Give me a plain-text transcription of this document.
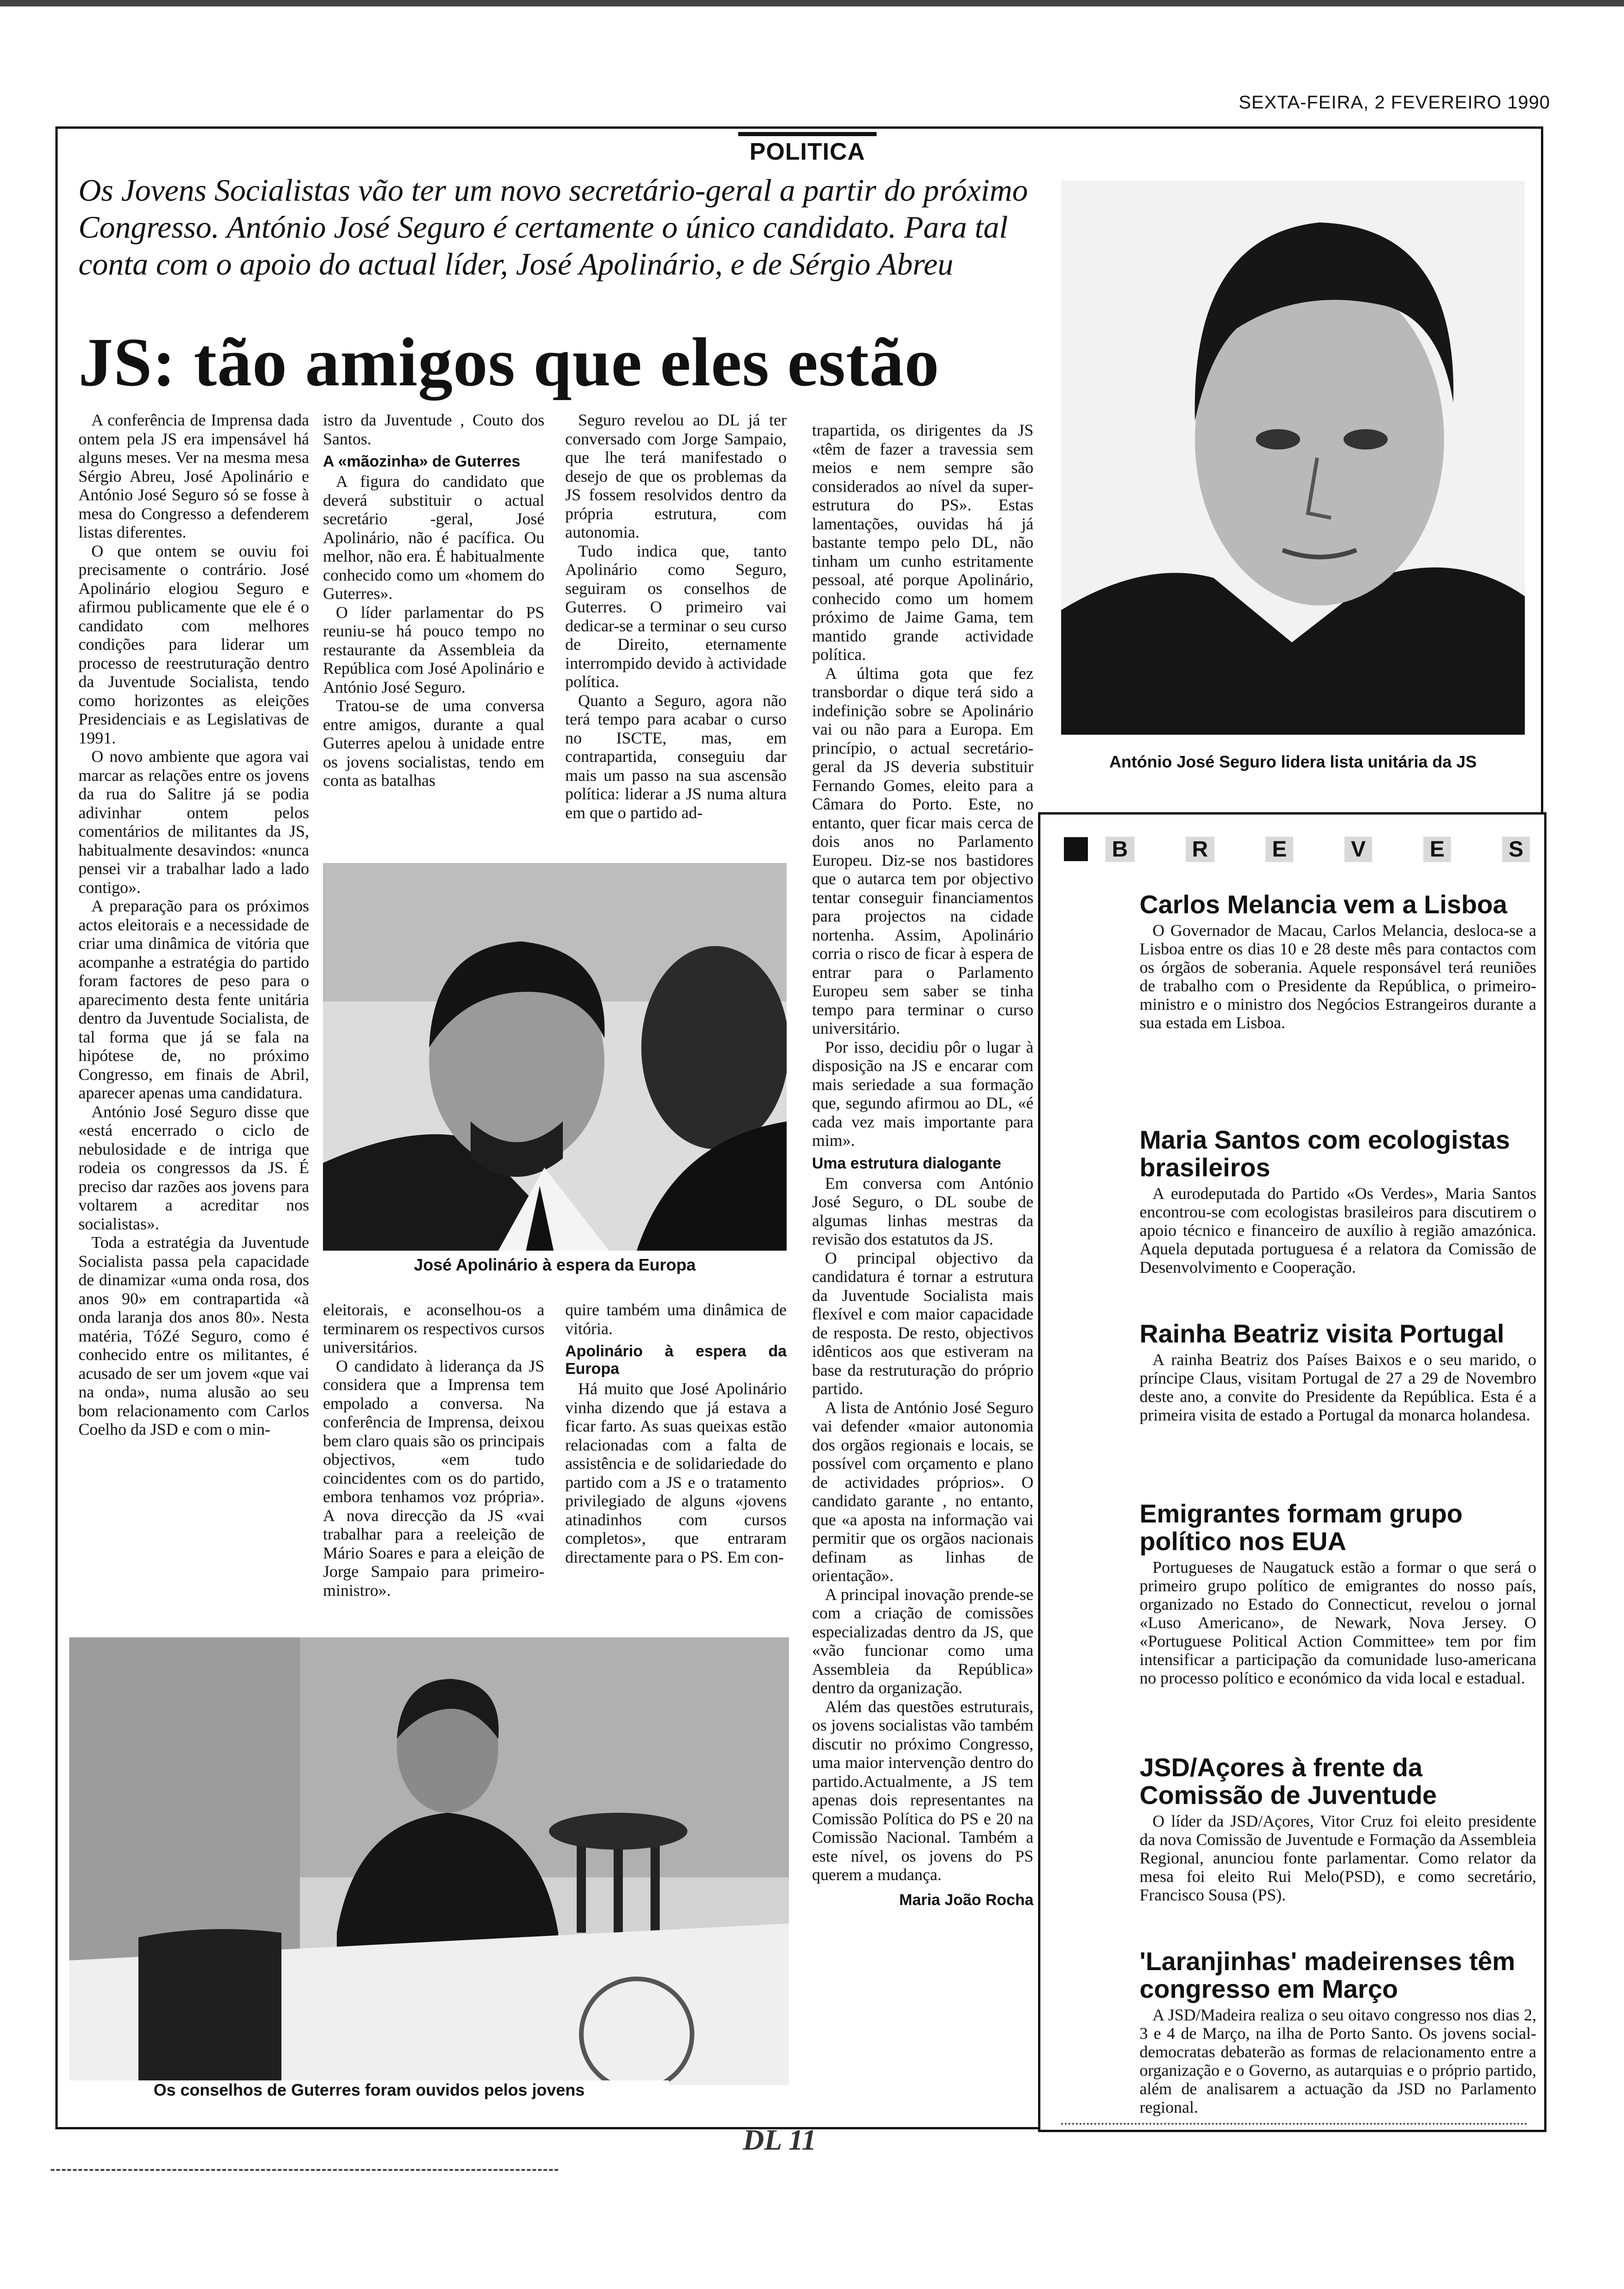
SEXTA-FEIRA, 2 FEVEREIRO 1990
POLITICA
Os Jovens Socialistas vão ter um novo secretário-geral a partir do próximo Congresso. António José Seguro é certamente o único candidato. Para tal conta com o apoio do actual líder, José Apolinário, e de Sérgio Abreu
JS: tão amigos que eles estão
António José Seguro lidera lista unitária da JS

A conferência de Imprensa dada ontem pela JS era impensável há alguns meses. Ver na mesma mesa Sérgio Abreu, José Apolinário e António José Seguro só se fosse à mesa do Congresso a defenderem listas diferentes.

O que ontem se ouviu foi precisamente o contrário. José Apolinário elogiou Seguro e afirmou publicamente que ele é o candidato com melhores condições para liderar um processo de reestruturação dentro da Juventude Socialista, tendo como horizontes as eleições Presidenciais e as Legislativas de 1991.

O novo ambiente que agora vai marcar as relações entre os jovens da rua do Salitre já se podia adivinhar ontem pelos comentários de militantes da JS, habitualmente desavindos: «nunca pensei vir a trabalhar lado a lado contigo».

A preparação para os próximos actos eleitorais e a necessidade de criar uma dinâmica de vitória que acompanhe a estratégia do partido foram factores de peso para o aparecimento desta fente unitária dentro da Juventude Socialista, de tal forma que já se fala na hipótese de, no próximo Congresso, em finais de Abril, aparecer apenas uma candidatura.

António José Seguro disse que «está encerrado o ciclo de nebulosidade e de intriga que rodeia os congressos da JS. É preciso dar razões aos jovens para voltarem a acreditar nos socialistas».

Toda a estratégia da Juventude Socialista passa pela capacidade de dinamizar «uma onda rosa, dos anos 90» em contrapartida «à onda laranja dos anos 80». Nesta matéria, TóZé Seguro, como é conhecido entre os militantes, é acusado de ser um jovem «que vai na onda», numa alusão ao seu bom relacionamento com Carlos Coelho da JSD e com o min-

istro da Juventude , Couto dos Santos.

A «mãozinha» de Guterres

A figura do candidato que deverá substituir o actual secretário -geral, José Apolinário, não é pacífica. Ou melhor, não era. É habitualmente conhecido como um «homem do Guterres».

O líder parlamentar do PS reuniu-se há pouco tempo no restaurante da Assembleia da República com José Apolinário e António José Seguro.

Tratou-se de uma conversa entre amigos, durante a qual Guterres apelou à unidade entre os jovens socialistas, tendo em conta as batalhas

Seguro revelou ao DL já ter conversado com Jorge Sampaio, que lhe terá manifestado o desejo de que os problemas da JS fossem resolvidos dentro da própria estrutura, com autonomia.

Tudo indica que, tanto Apolinário como Seguro, seguiram os conselhos de Guterres. O primeiro vai dedicar-se a terminar o seu curso de Direito, eternamente interrompido devido à actividade política.

Quanto a Seguro, agora não terá tempo para acabar o curso no ISCTE, mas, em contrapartida, conseguiu dar mais um passo na sua ascensão política: liderar a JS numa altura em que o partido ad-

José Apolinário à espera da Europa

eleitorais, e aconselhou-os a terminarem os respectivos cursos universitários.

O candidato à liderança da JS considera que a Imprensa tem empolado a conversa. Na conferência de Imprensa, deixou bem claro quais são os principais objectivos, «em tudo coincidentes com os do partido, embora tenhamos voz própria». A nova direcção da JS «vai trabalhar para a reeleição de Mário Soares e para a eleição de Jorge Sampaio para primeiro-ministro».

quire também uma dinâmica de vitória.

Apolinário à espera da Europa

Há muito que José Apolinário vinha dizendo que já estava a ficar farto. As suas queixas estão relacionadas com a falta de assistência e de solidariedade do partido com a JS e o tratamento privilegiado de alguns «jovens atinadinhos com cursos completos», que entraram directamente para o PS. Em con-

trapartida, os dirigentes da JS «têm de fazer a travessia sem meios e nem sempre são considerados ao nível da super-estrutura do PS». Estas lamentações, ouvidas há já bastante tempo pelo DL, não tinham um cunho estritamente pessoal, até porque Apolinário, conhecido como um homem próximo de Jaime Gama, tem mantido grande actividade política.

A última gota que fez transbordar o dique terá sido a indefinição sobre se Apolinário vai ou não para a Europa. Em princípio, o actual secretário-geral da JS deveria substituir Fernando Gomes, eleito para a Câmara do Porto. Este, no entanto, quer ficar mais cerca de dois anos no Parlamento Europeu. Diz-se nos bastidores que o autarca tem por objectivo tentar conseguir financiamentos para projectos na cidade nortenha. Assim, Apolinário corria o risco de ficar à espera de entrar para o Parlamento Europeu sem saber se tinha tempo para terminar o curso universitário.

Por isso, decidiu pôr o lugar à disposição na JS e encarar com mais seriedade a sua formação que, segundo afirmou ao DL, «é cada vez mais importante para mim».

Uma estrutura dialogante

Em conversa com António José Seguro, o DL soube de algumas linhas mestras da revisão dos estatutos da JS.

O principal objectivo da candidatura é tornar a estrutura da Juventude Socialista mais flexível e com maior capacidade de resposta. De resto, objectivos idênticos aos que estiveram na base da restruturação do próprio partido.

A lista de António José Seguro vai defender «maior autonomia dos orgãos regionais e locais, se possível com orçamento e plano de actividades próprios». O candidato garante , no entanto, que «a aposta na informação vai permitir que os orgãos nacionais definam as linhas de orientação».

A principal inovação prende-se com a criação de comissões especializadas dentro da JS, que «vão funcionar como uma Assembleia da República» dentro da organização.

Além das questões estruturais, os jovens socialistas vão também discutir no próximo Congresso, uma maior intervenção dentro do partido.Actualmente, a JS tem apenas dois representantes na Comissão Política do PS e 20 na Comissão Nacional. Também a este nível, os jovens do PS querem a mudança.

Maria João Rocha
Os conselhos de Guterres foram ouvidos pelos jovens
B	R	E	V	E	S
Carlos Melancia vem a Lisboa

O Governador de Macau, Carlos Melancia, desloca-se a Lisboa entre os dias 10 e 28 deste mês para contactos com os órgãos de soberania. Aquele responsável terá reuniões de trabalho com o Presidente da República, o primeiro-ministro e o ministro dos Negócios Estrangeiros durante a sua estada em Lisboa.

Maria Santos com ecologistas brasileiros

A eurodeputada do Partido «Os Verdes», Maria Santos encontrou-se com ecologistas brasileiros para discutirem o apoio técnico e financeiro de auxílio à região amazónica. Aquela deputada portuguesa é a relatora da Comissão de Desenvolvimento e Cooperação.

Rainha Beatriz visita Portugal

A rainha Beatriz dos Países Baixos e o seu marido, o príncipe Claus, visitam Portugal de 27 a 29 de Novembro deste ano, a convite do Presidente da República. Esta é a primeira visita de estado a Portugal da monarca holandesa.

Emigrantes formam grupo político nos EUA

Portugueses de Naugatuck estão a formar o que será o primeiro grupo político de emigrantes do nosso país, organizado no Estado do Connecticut, revelou o jornal «Luso Americano», de Newark, Nova Jersey. O «Portuguese Political Action Committee» tem por fim intensificar a participação da comunidade luso-americana no processo político e económico da vida local e estadual.

JSD/Açores à frente da Comissão de Juventude

O líder da JSD/Açores, Vitor Cruz foi eleito presidente da nova Comissão de Juventude e Formação da Assembleia Regional, anunciou fonte parlamentar. Como relator da mesa foi eleito Rui Melo(PSD), e como secretário, Francisco Sousa (PS).

'Laranjinhas' madeirenses têm congresso em Março

A JSD/Madeira realiza o seu oitavo congresso nos dias 2, 3 e 4 de Março, na ilha de Porto Santo. Os jovens social-democratas debaterão as formas de relacionamento entre a organização e o Governo, as autarquias e o próprio partido, além de analisarem a actuação da JSD no Parlamento regional.

DL 11
